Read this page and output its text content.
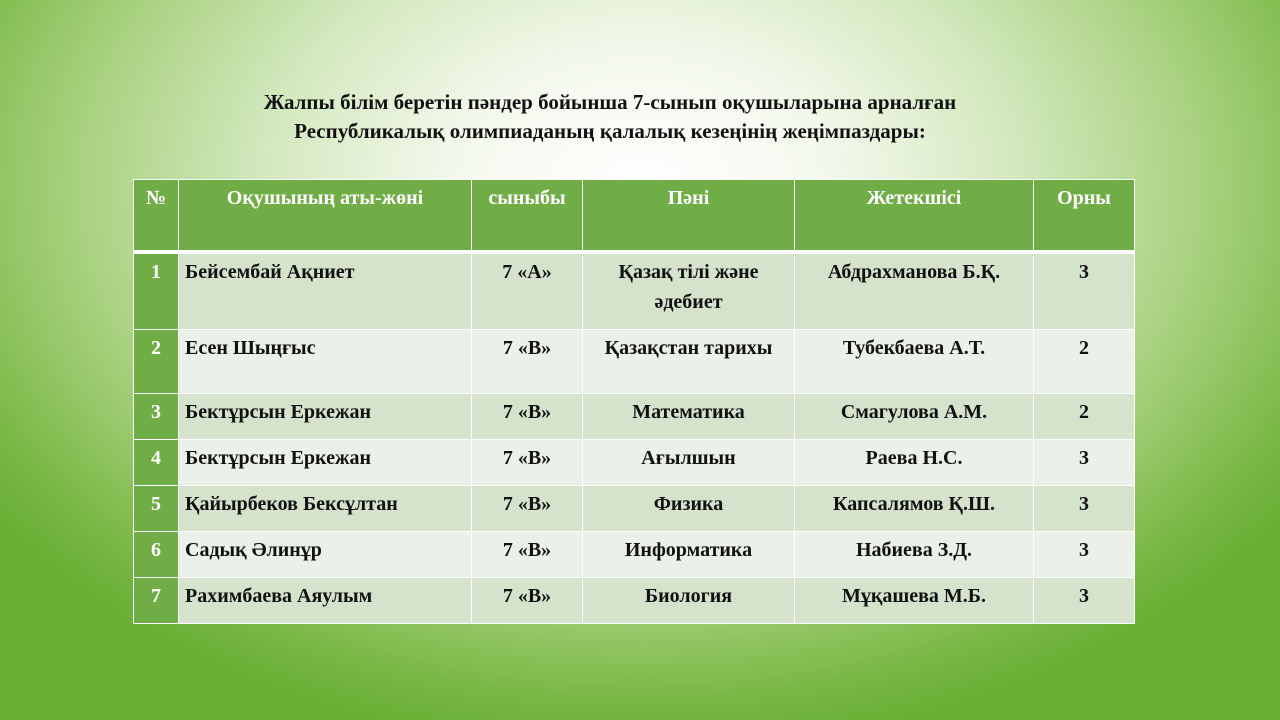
Жалпы білім беретін пәндер бойынша 7-сынып оқушыларына арналған
Республикалық олимпиаданың қалалық кезеңінің жеңімпаздары:
№	Оқушының аты-жөні	сыныбы	Пәні	Жетекшісі	Орны
1	Бейсембай Ақниет	7 «А»	Қазақ тілі және әдебиет	Абдрахманова Б.Қ.	3
2	Есен Шыңғыс	7 «В»	Қазақстан тарихы	Тубекбаева А.Т.	2
3	Бектұрсын Еркежан	7 «В»	Математика	Смагулова А.М.	2
4	Бектұрсын Еркежан	7 «В»	Ағылшын	Раева Н.С.	3
5	Қайырбеков Бексұлтан	7 «В»	Физика	Капсалямов Қ.Ш.	3
6	Садық Әлинұр	7 «В»	Информатика	Набиева З.Д.	3
7	Рахимбаева Аяулым	7 «В»	Биология	Мұқашева М.Б.	3
